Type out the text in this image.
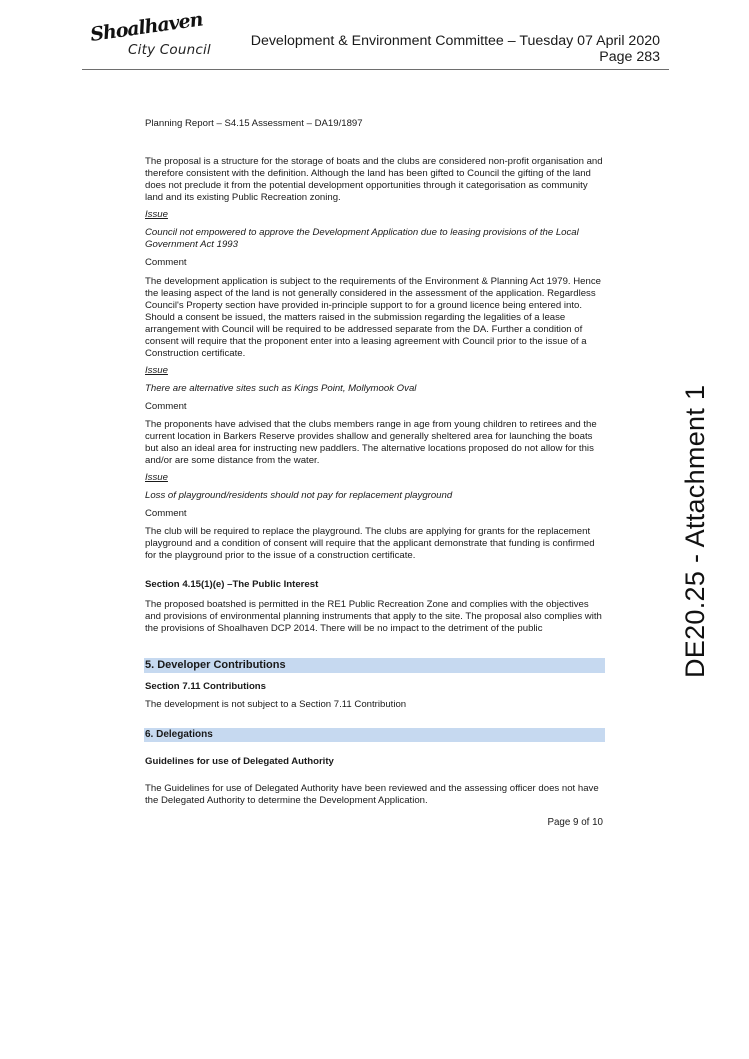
Shoalhaven
City Council
Development & Environment Committee – Tuesday 07 April 2020
Page 283
Planning Report – S4.15 Assessment – DA19/1897

The proposal is a structure for the storage of boats and the clubs are considered non-profit organisation and therefore consistent with the definition. Although the land has been gifted to Council the gifting of the land does not preclude it from the potential development opportunities through it categorisation as community land and its existing Public Recreation zoning.

Issue

Council not empowered to approve the Development Application due to leasing provisions of the Local Government Act 1993

Comment

The development application is subject to the requirements of the Environment & Planning Act 1979. Hence the leasing aspect of the land is not generally considered in the assessment of the application. Regardless Council's Property section have provided in-principle support to for a ground licence being entered into. Should a consent be issued, the matters raised in the submission regarding the legalities of a lease arrangement with Council will be required to be addressed separate from the DA. Further a condition of consent will require that the proponent enter into a leasing agreement with Council prior to the issue of a Construction certificate.

Issue

There are alternative sites such as Kings Point, Mollymook Oval

Comment

The proponents have advised that the clubs members range in age from young children to retirees and the current location in Barkers Reserve provides shallow and generally sheltered area for launching the boats but also an ideal area for instructing new paddlers. The alternative locations proposed do not allow for this and/or are some distance from the water.

Issue

Loss of playground/residents should not pay for replacement playground

Comment

The club will be required to replace the playground. The clubs are applying for grants for the replacement playground and a condition of consent will require that the applicant demonstrate that funding is confirmed for the playground prior to the issue of a construction certificate.

Section 4.15(1)(e) –The Public Interest

The proposed boatshed is permitted in the RE1 Public Recreation Zone and complies with the objectives and provisions of environmental planning instruments that apply to the site. The proposal also complies with the provisions of Shoalhaven DCP 2014. There will be no impact to the detriment of the public

5. Developer Contributions

Section 7.11 Contributions

The development is not subject to a Section 7.11 Contribution

6. Delegations

Guidelines for use of Delegated Authority

The Guidelines for use of Delegated Authority have been reviewed and the assessing officer does not have the Delegated Authority to determine the Development Application.

Page 9 of 10
DE20.25 - Attachment 1
